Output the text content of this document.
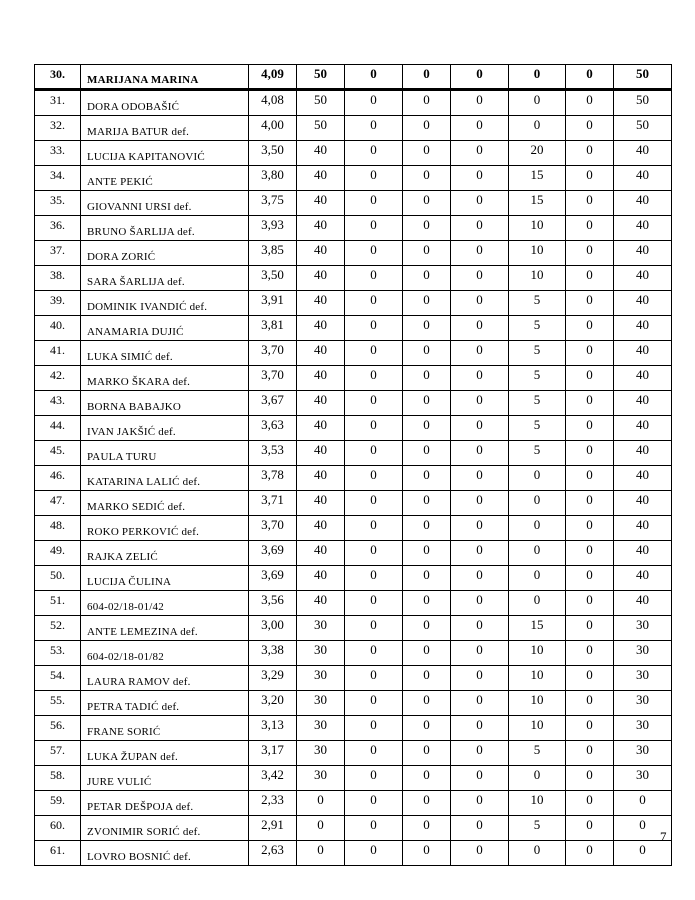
30.	MARIJANA MARINA	4,09	50	0	0	0	0	0	50
31.	DORA ODOBAŠIĆ	4,08	50	0	0	0	0	0	50
32.	MARIJA BATUR def.	4,00	50	0	0	0	0	0	50
33.	LUCIJA KAPITANOVIĆ	3,50	40	0	0	0	20	0	40
34.	ANTE PEKIĆ	3,80	40	0	0	0	15	0	40
35.	GIOVANNI URSI def.	3,75	40	0	0	0	15	0	40
36.	BRUNO ŠARLIJA def.	3,93	40	0	0	0	10	0	40
37.	DORA ZORIĆ	3,85	40	0	0	0	10	0	40
38.	SARA ŠARLIJA def.	3,50	40	0	0	0	10	0	40
39.	DOMINIK IVANDIĆ def.	3,91	40	0	0	0	5	0	40
40.	ANAMARIA DUJIĆ	3,81	40	0	0	0	5	0	40
41.	LUKA SIMIĆ def.	3,70	40	0	0	0	5	0	40
42.	MARKO ŠKARA def.	3,70	40	0	0	0	5	0	40
43.	BORNA BABAJKO	3,67	40	0	0	0	5	0	40
44.	IVAN JAKŠIĆ def.	3,63	40	0	0	0	5	0	40
45.	PAULA TURU	3,53	40	0	0	0	5	0	40
46.	KATARINA LALIĆ def.	3,78	40	0	0	0	0	0	40
47.	MARKO SEDIĆ def.	3,71	40	0	0	0	0	0	40
48.	ROKO PERKOVIĆ def.	3,70	40	0	0	0	0	0	40
49.	RAJKA ZELIĆ	3,69	40	0	0	0	0	0	40
50.	LUCIJA ČULINA	3,69	40	0	0	0	0	0	40
51.	604-02/18-01/42	3,56	40	0	0	0	0	0	40
52.	ANTE LEMEZINA def.	3,00	30	0	0	0	15	0	30
53.	604-02/18-01/82	3,38	30	0	0	0	10	0	30
54.	LAURA RAMOV def.	3,29	30	0	0	0	10	0	30
55.	PETRA TADIĆ def.	3,20	30	0	0	0	10	0	30
56.	FRANE SORIĆ	3,13	30	0	0	0	10	0	30
57.	LUKA ŽUPAN def.	3,17	30	0	0	0	5	0	30
58.	JURE VULIĆ	3,42	30	0	0	0	0	0	30
59.	PETAR DEŠPOJA def.	2,33	0	0	0	0	10	0	0
60.	ZVONIMIR SORIĆ def.	2,91	0	0	0	0	5	0	0
61.	LOVRO BOSNIĆ def.	2,63	0	0	0	0	0	0	0
7
